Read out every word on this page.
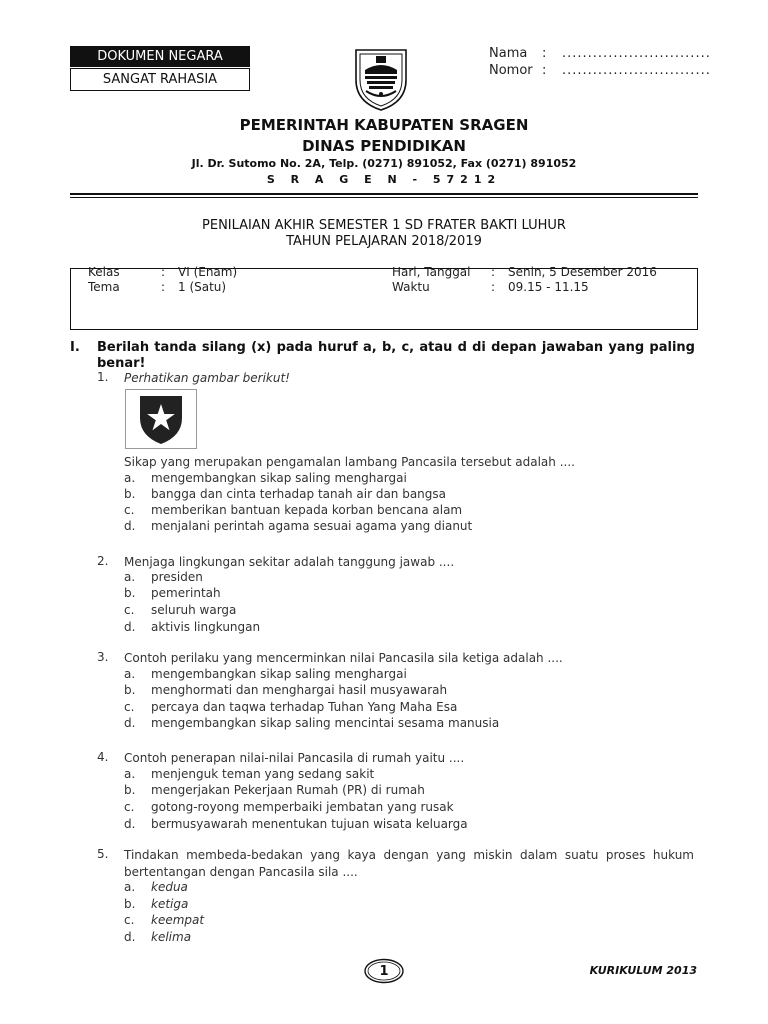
DOKUMEN NEGARA
SANGAT RAHASIA
Nama : .............................
Nomor : .............................
PEMERINTAH KABUPATEN SRAGEN
DINAS PENDIDIKAN
Jl. Dr. Sutomo No. 2A, Telp. (0271) 891052, Fax (0271) 891052
S R A G E N - 57212
PENILAIAN AKHIR SEMESTER 1 SD FRATER BAKTI LUHUR
TAHUN PELAJARAN 2018/2019
Kelas	: VI (Enam)	Hari, Tanggal : Senin, 5 Desember 2016
Tema	: 1 (Satu)	Waktu	: 09.15 - 11.15
I. Berilah tanda silang (x) pada huruf a, b, c, atau d di depan jawaban yang paling benar!
1. Perhatikan gambar berikut!
Sikap yang merupakan pengamalan lambang Pancasila tersebut adalah ....
a. mengembangkan sikap saling menghargai
b. bangga dan cinta terhadap tanah air dan bangsa
c. memberikan bantuan kepada korban bencana alam
d. menjalani perintah agama sesuai agama yang dianut
2. Menjaga lingkungan sekitar adalah tanggung jawab ....
a. presiden
b. pemerintah
c. seluruh warga
d. aktivis lingkungan
3. Contoh perilaku yang mencerminkan nilai Pancasila sila ketiga adalah ....
a. mengembangkan sikap saling menghargai
b. menghormati dan menghargai hasil musyawarah
c. percaya dan taqwa terhadap Tuhan Yang Maha Esa
d. mengembangkan sikap saling mencintai sesama manusia
4. Contoh penerapan nilai-nilai Pancasila di rumah yaitu ....
a. menjenguk teman yang sedang sakit
b. mengerjakan Pekerjaan Rumah (PR) di rumah
c. gotong-royong memperbaiki jembatan yang rusak
d. bermusyawarah menentukan tujuan wisata keluarga
5. Tindakan membeda-bedakan yang kaya dengan yang miskin dalam suatu proses hukum bertentangan dengan Pancasila sila ....
a. kedua
b. ketiga
c. keempat
d. kelima
1	KURIKULUM 2013
